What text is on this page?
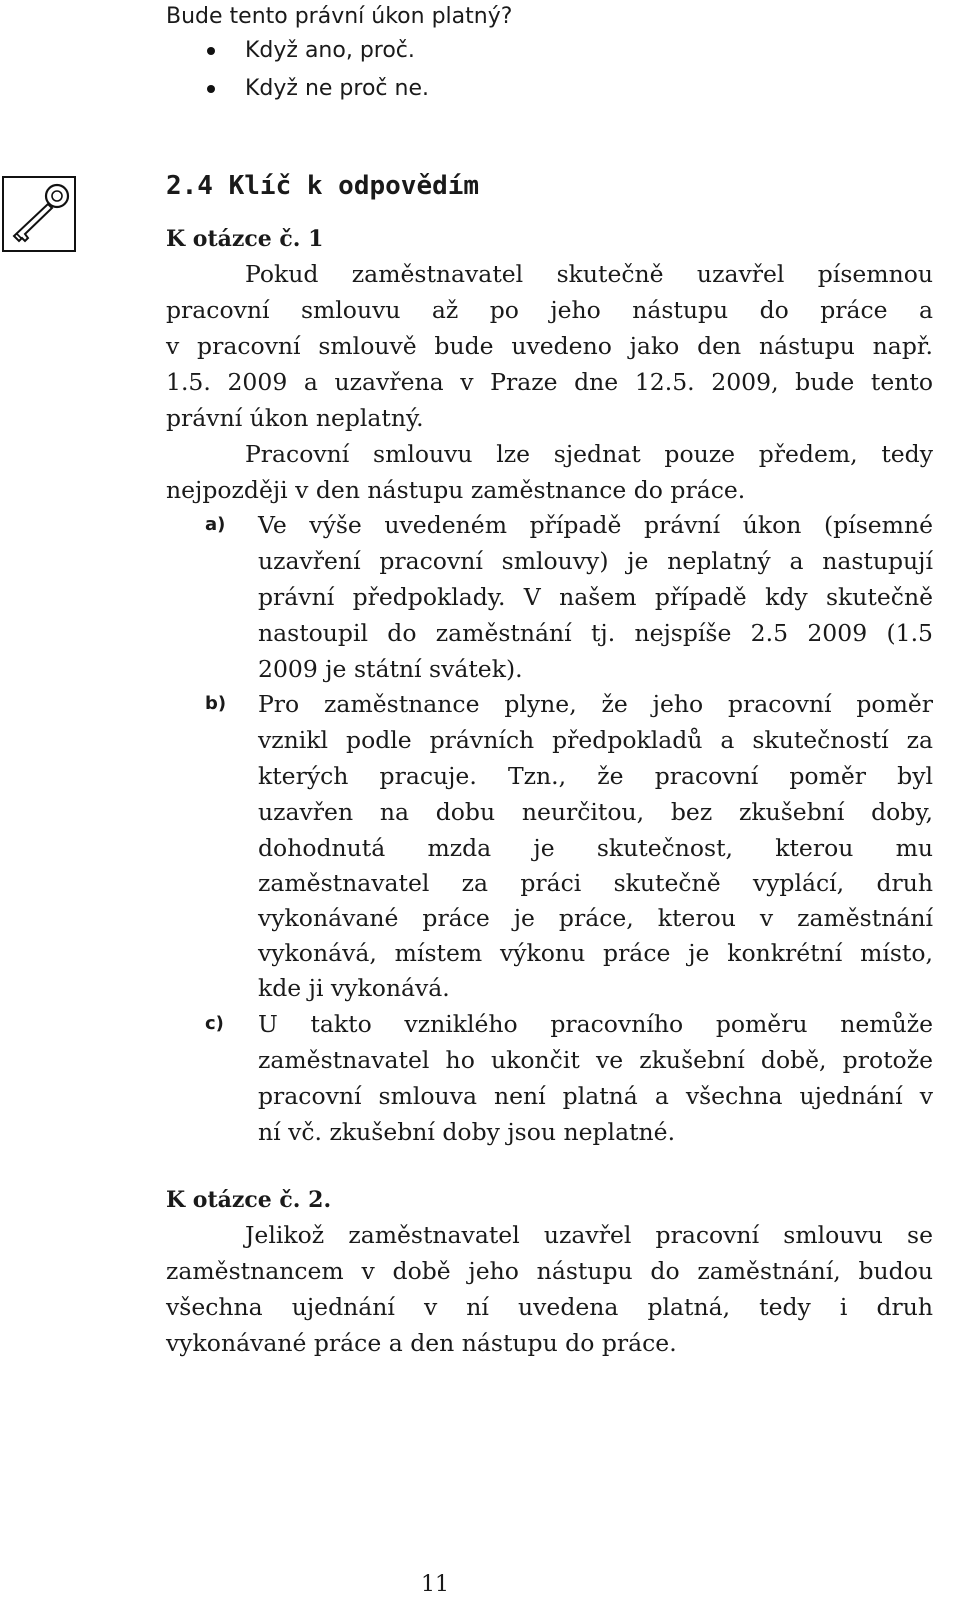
Bude tento právní úkon platný?
Když ano, proč.
Když ne proč ne.
2.4 Klíč k odpovědím
K otázce č. 1
Pokud zaměstnavatel skutečně uzavřel písemnou
pracovní smlouvu až po jeho nástupu do práce a
v pracovní smlouvě bude uvedeno jako den nástupu např.
1.5. 2009 a uzavřena v Praze dne 12.5. 2009, bude tento
právní úkon neplatný.
Pracovní smlouvu lze sjednat pouze předem, tedy
nejpozději v den nástupu zaměstnance do práce.
a) Ve výše uvedeném případě právní úkon (písemné
uzavření pracovní smlouvy) je neplatný a nastupují
právní předpoklady. V našem případě kdy skutečně
nastoupil do zaměstnání tj. nejspíše 2.5 2009 (1.5
2009 je státní svátek).
b) Pro zaměstnance plyne, že jeho pracovní poměr
vznikl podle právních předpokladů a skutečností za
kterých pracuje. Tzn., že pracovní poměr byl
uzavřen na dobu neurčitou, bez zkušební doby,
dohodnutá mzda je skutečnost, kterou mu
zaměstnavatel za práci skutečně vyplácí, druh
vykonávané práce je práce, kterou v zaměstnání
vykonává, místem výkonu práce je konkrétní místo,
kde ji vykonává.
c) U takto vzniklého pracovního poměru nemůže
zaměstnavatel ho ukončit ve zkušební době, protože
pracovní smlouva není platná a všechna ujednání v
ní vč. zkušební doby jsou neplatné.
K otázce č. 2.
Jelikož zaměstnavatel uzavřel pracovní smlouvu se
zaměstnancem v době jeho nástupu do zaměstnání, budou
všechna ujednání v ní uvedena platná, tedy i druh
vykonávané práce a den nástupu do práce.
11
